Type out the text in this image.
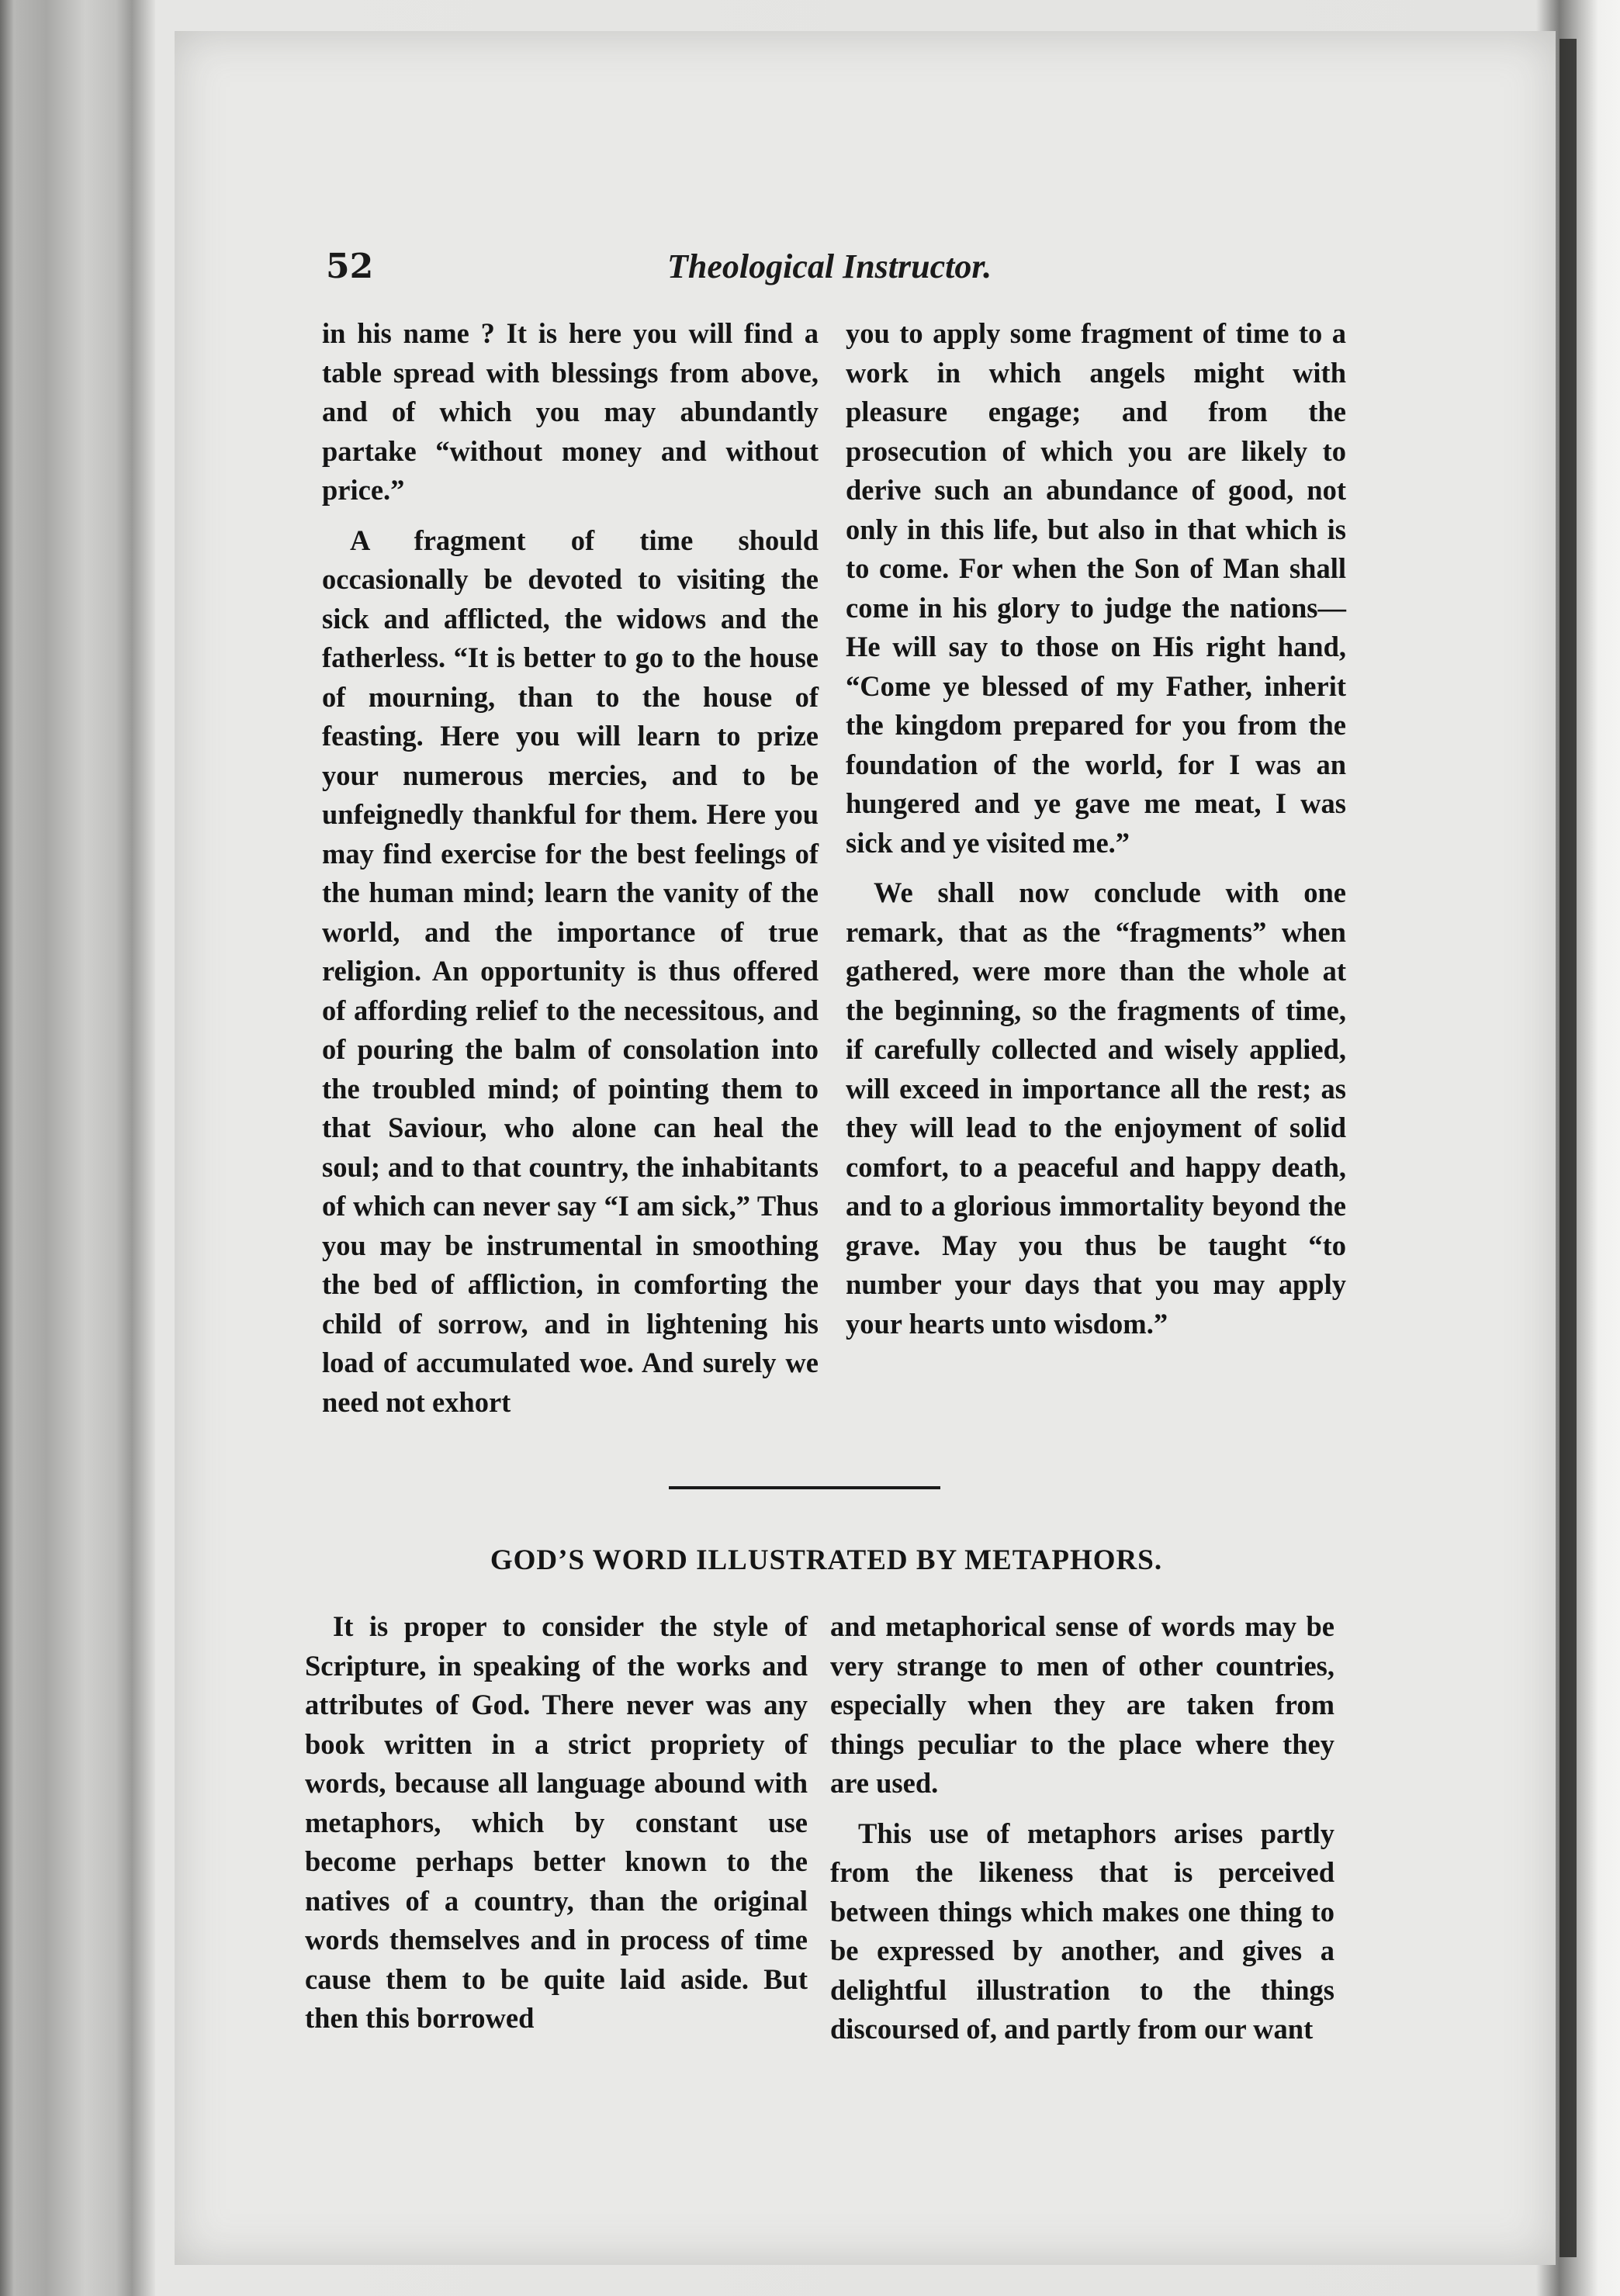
52	Theological Instructor.

in his name ? It is here you will find a table spread with blessings from above, and of which you may abundantly partake “without money and without price.”

A fragment of time should occasionally be devoted to visiting the sick and afflicted, the widows and the fatherless. “It is better to go to the house of mourning, than to the house of feasting. Here you will learn to prize your numerous mercies, and to be unfeignedly thankful for them. Here you may find exercise for the best feelings of the human mind; learn the vanity of the world, and the importance of true religion. An opportunity is thus offered of affording relief to the necessitous, and of pouring the balm of consolation into the troubled mind; of pointing them to that Saviour, who alone can heal the soul; and to that country, the inhabitants of which can never say “I am sick,” Thus you may be instrumental in smoothing the bed of affliction, in comforting the child of sorrow, and in lightening his load of accumulated woe. And surely we need not exhort

you to apply some fragment of time to a work in which angels might with pleasure engage; and from the prosecution of which you are likely to derive such an abundance of good, not only in this life, but also in that which is to come. For when the Son of Man shall come in his glory to judge the nations—He will say to those on His right hand, “Come ye blessed of my Father, inherit the kingdom prepared for you from the foundation of the world, for I was an hungered and ye gave me meat, I was sick and ye visited me.”

We shall now conclude with one remark, that as the “fragments” when gathered, were more than the whole at the beginning, so the fragments of time, if carefully collected and wisely applied, will exceed in importance all the rest; as they will lead to the enjoyment of solid comfort, to a peaceful and happy death, and to a glorious immortality beyond the grave. May you thus be taught “to number your days that you may apply your hearts unto wisdom.”

GOD’S WORD ILLUSTRATED BY METAPHORS.

It is proper to consider the style of Scripture, in speaking of the works and attributes of God. There never was any book written in a strict propriety of words, because all language abound with metaphors, which by constant use become perhaps better known to the natives of a country, than the original words themselves and in process of time cause them to be quite laid aside. But then this borrowed

and metaphorical sense of words may be very strange to men of other countries, especially when they are taken from things peculiar to the place where they are used.

This use of metaphors arises partly from the likeness that is perceived between things which makes one thing to be expressed by another, and gives a delightful illustration to the things discoursed of, and partly from our want
